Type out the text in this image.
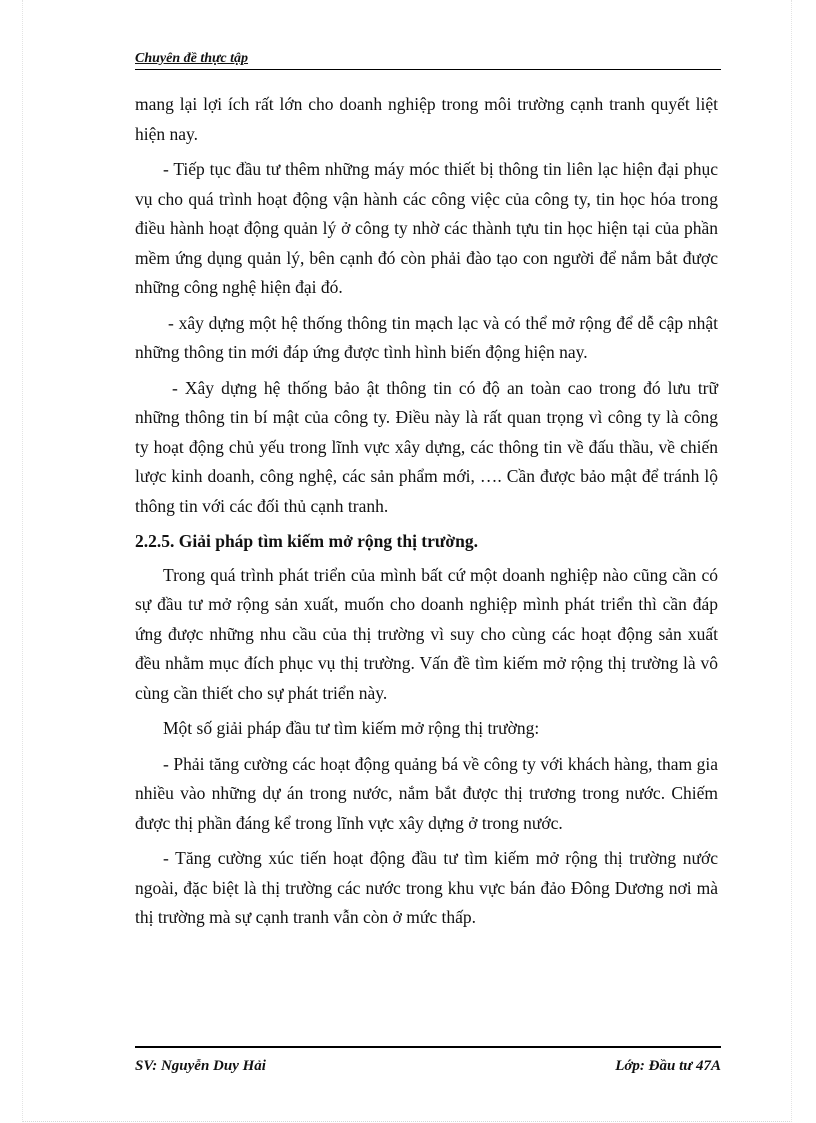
Chuyên đề thực tập

mang lại lợi ích rất lớn cho doanh nghiệp trong môi trường cạnh tranh quyết liệt hiện nay.

- Tiếp tục đầu tư thêm những máy móc thiết bị thông tin liên lạc hiện đại phục vụ cho quá trình hoạt động vận hành các công việc của công ty, tin học hóa trong điều hành hoạt động quản lý ở công ty nhờ các thành tựu tin học hiện tại của phần mềm ứng dụng quản lý, bên cạnh đó còn phải đào tạo con người để nắm bắt được những công nghệ hiện đại đó.

- xây dựng một hệ thống thông tin mạch lạc và có thể mở rộng để dễ cập nhật những thông tin mới đáp ứng được tình hình biến động hiện nay.

- Xây dựng hệ thống bảo ật thông tin có độ an toàn cao trong đó lưu trữ những thông tin bí mật của công ty. Điều này là rất quan trọng vì công ty là công ty hoạt động chủ yếu trong lĩnh vực xây dựng, các thông tin về đấu thầu, về chiến lược kinh doanh, công nghệ, các sản phẩm mới, …. Cần được bảo mật để tránh lộ thông tin với các đối thủ cạnh tranh.

2.2.5. Giải pháp tìm kiếm mở rộng thị trường.

Trong quá trình phát triển của mình bất cứ một doanh nghiệp nào cũng cần có sự đầu tư mở rộng sản xuất, muốn cho doanh nghiệp mình phát triển thì cần đáp ứng được những nhu cầu của thị trường vì suy cho cùng các hoạt động sản xuất đều nhằm mục đích phục vụ thị trường. Vấn đề tìm kiếm mở rộng thị trường là vô cùng cần thiết cho sự phát triển này.

Một số giải pháp đầu tư tìm kiếm mở rộng thị trường:

- Phải tăng cường các hoạt động quảng bá về công ty với khách hàng, tham gia nhiều vào những dự án trong nước, nắm bắt được thị trương trong nước. Chiếm được thị phần đáng kể trong lĩnh vực xây dựng ở trong nước.

- Tăng cường xúc tiến hoạt động đầu tư tìm kiếm mở rộng thị trường nước ngoài, đặc biệt là thị trường các nước trong khu vực bán đảo Đông Dương nơi mà thị trường mà sự cạnh tranh vẫn còn ở mức thấp.

SV: Nguyễn Duy Hải	Lớp: Đầu tư 47A
